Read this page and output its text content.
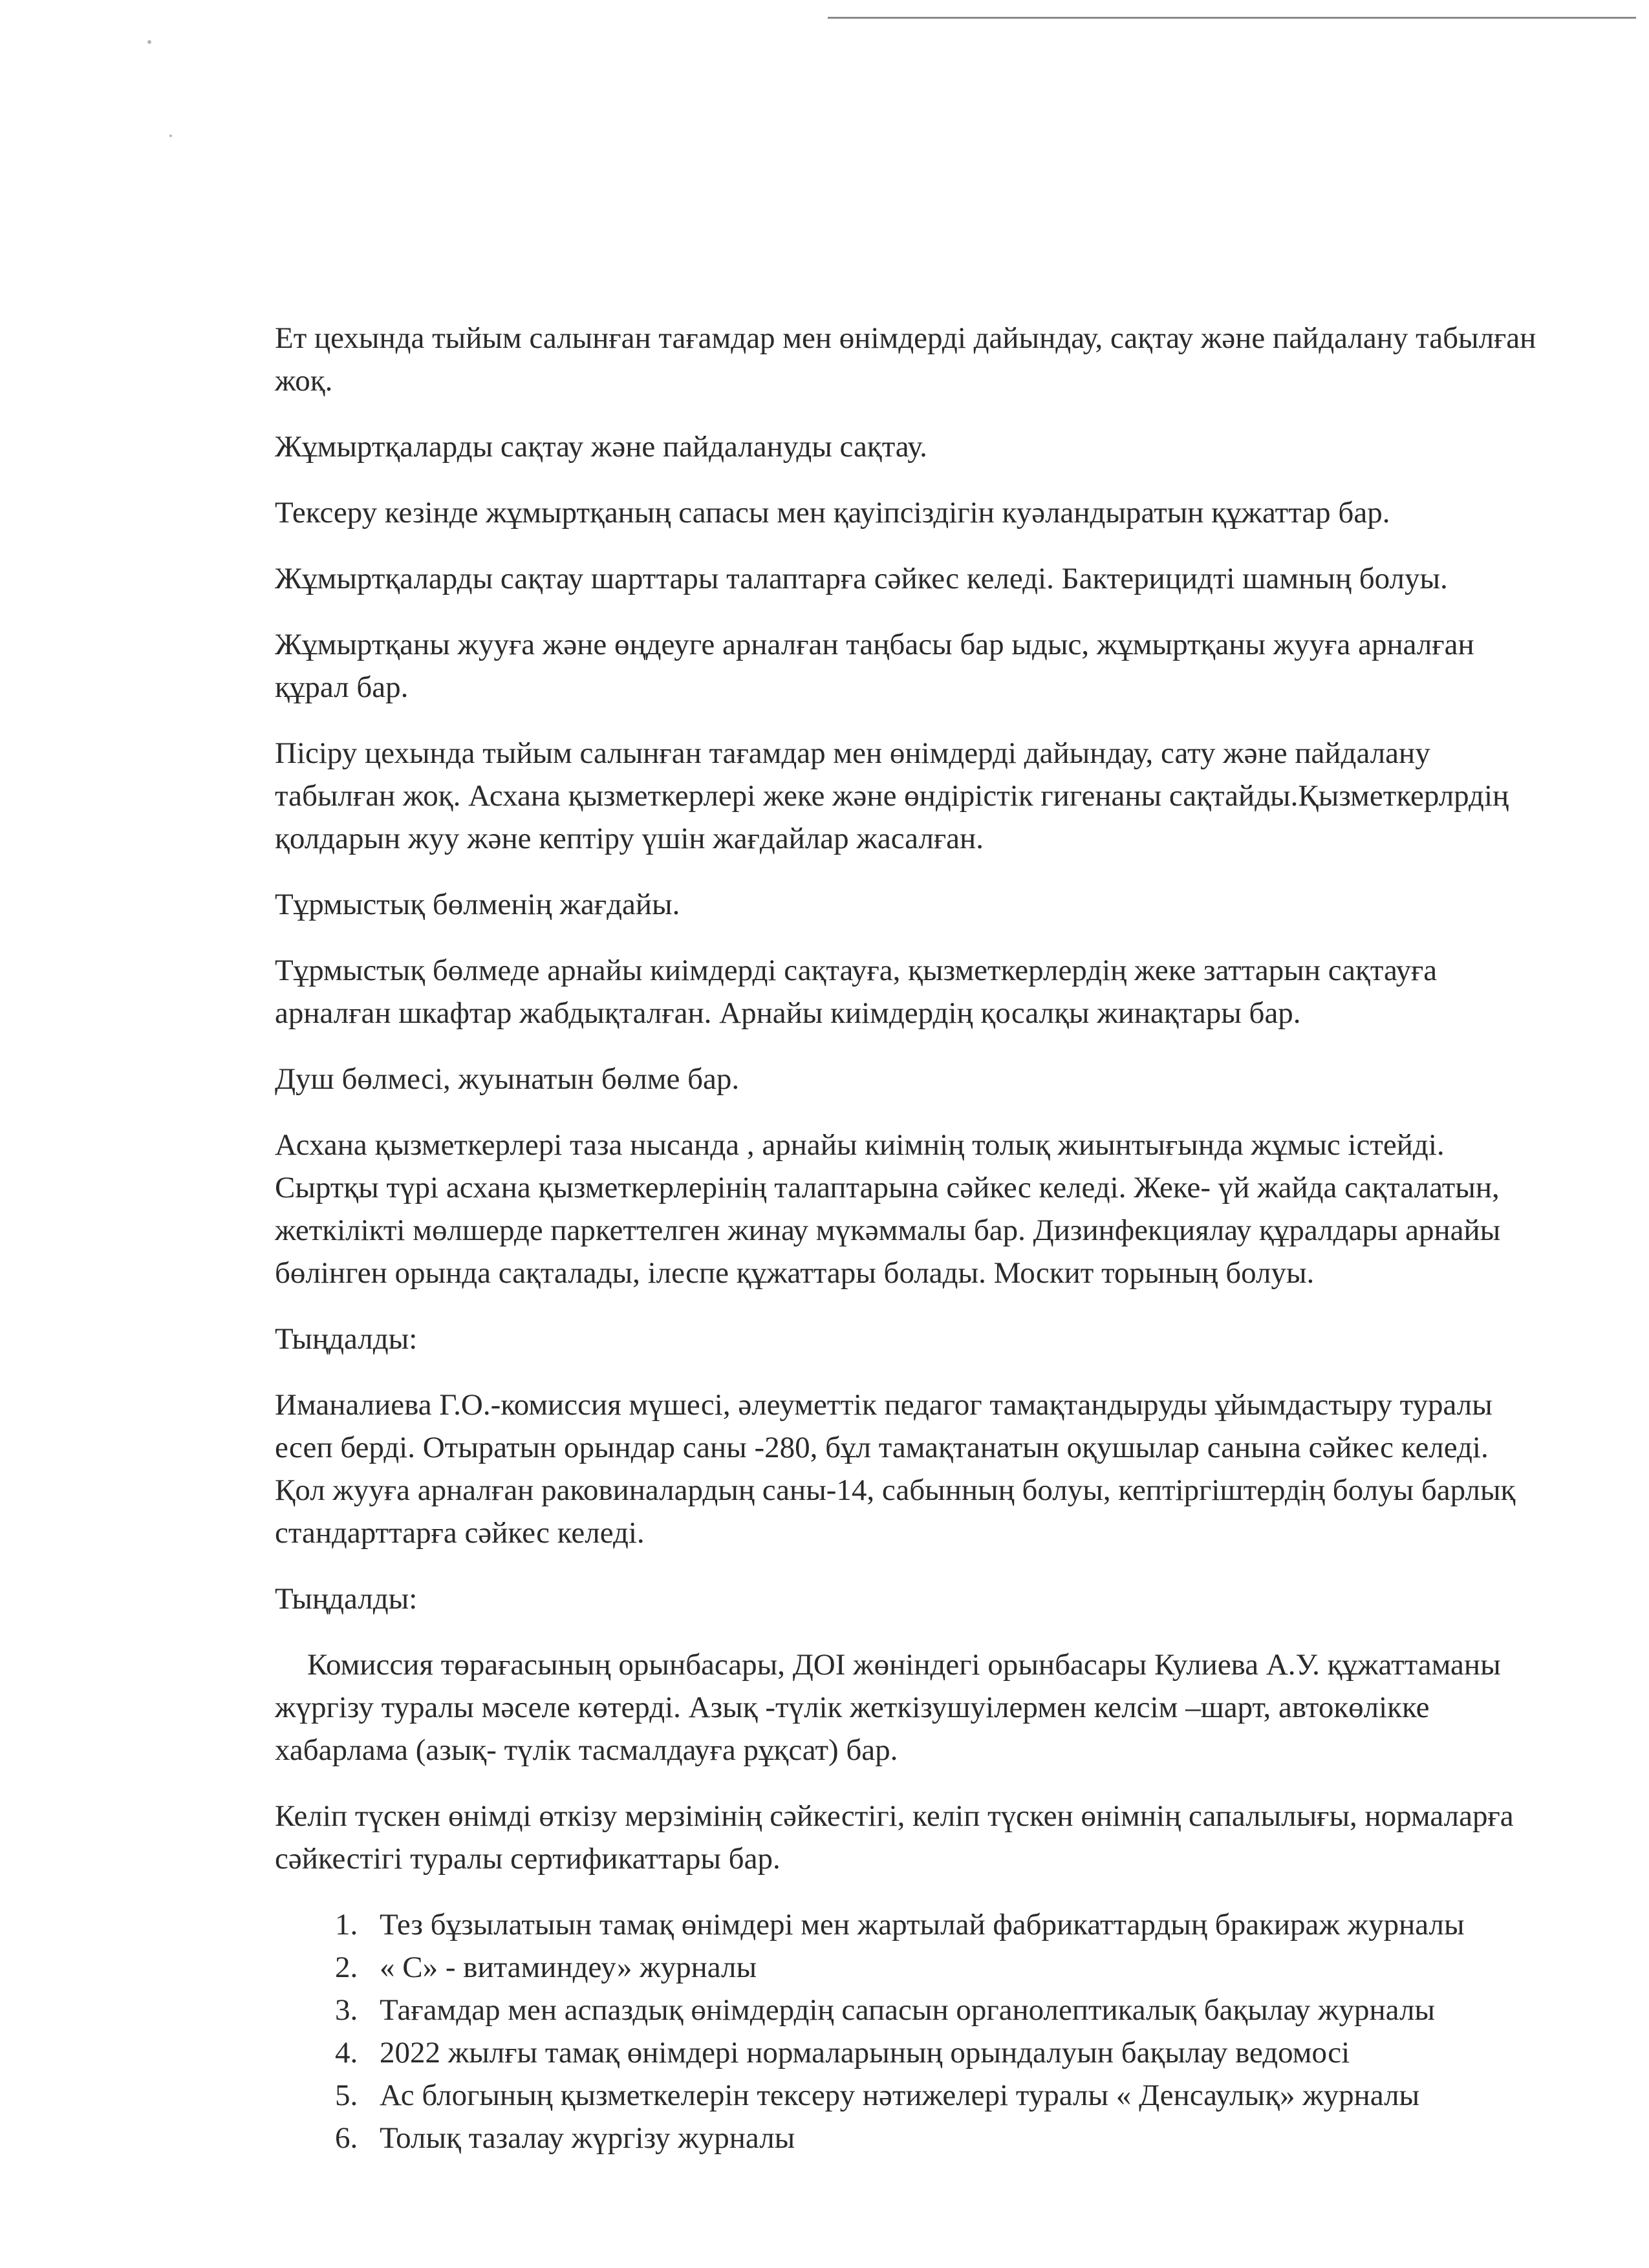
Ет цехында тыйым салынған тағамдар мен өнімдерді дайындау, сақтау және пайдалану табылған жоқ.

Жұмыртқаларды сақтау және пайдалануды сақтау.

Тексеру кезінде жұмыртқаның сапасы мен қауіпсіздігін куәландыратын құжаттар бар.

Жұмыртқаларды сақтау шарттары талаптарға сәйкес келеді. Бактерицидті шамның болуы.

Жұмыртқаны жууға және өңдеуге арналған таңбасы бар ыдыс, жұмыртқаны жууға арналған құрал бар.

Пісіру цехында тыйым салынған тағамдар мен өнімдерді дайындау, сату және пайдалану табылған жоқ. Асхана қызметкерлері жеке және өндірістік гигенаны сақтайды.Қызметкерлрдің қолдарын жуу және кептіру үшін жағдайлар жасалған.

Тұрмыстық бөлменің жағдайы.

Тұрмыстық бөлмеде арнайы киімдерді сақтауға, қызметкерлердің жеке заттарын сақтауға арналған шкафтар жабдықталған. Арнайы киімдердің қосалқы жинақтары бар.

Душ бөлмесі, жуынатын бөлме бар.

Асхана қызметкерлері таза нысанда , арнайы киімнің толық жиынтығында жұмыс істейді. Сыртқы түрі асхана қызметкерлерінің талаптарына сәйкес келеді. Жеке- үй жайда сақталатын, жеткілікті мөлшерде паркеттелген жинау мүкәммалы бар. Дизинфекциялау құралдары арнайы бөлінген орында сақталады, ілеспе құжаттары болады. Москит торының болуы.

Тыңдалды:

Иманалиева Г.О.-комиссия мүшесі, әлеуметтік педагог тамақтандыруды ұйымдастыру туралы есеп берді. Отыратын орындар саны -280, бұл тамақтанатын оқушылар санына сәйкес келеді. Қол жууға арналған раковиналардың саны-14, сабынның болуы, кептіргіштердің болуы барлық стандарттарға сәйкес келеді.

Тыңдалды:

Комиссия төрағасының орынбасары, ДОІ жөніндегі орынбасары Кулиева А.У. құжаттаманы жүргізу туралы мәселе көтерді. Азық -түлік жеткізушуілермен келсім –шарт, автокөлікке хабарлама (азық- түлік тасмалдауға рұқсат) бар.

Келіп түскен өнімді өткізу мерзімінің сәйкестігі, келіп түскен өнімнің сапалылығы, нормаларға сәйкестігі туралы сертификаттары бар.

1. Тез бұзылатыын тамақ өнімдері мен жартылай фабрикаттардың бракираж журналы
2. « С» - витаминдеу» журналы
3. Тағамдар мен аспаздық өнімдердің сапасын органолептикалық бақылау журналы
4. 2022 жылғы тамақ өнімдері нормаларының орындалуын бақылау ведомосі
5. Ас блогының қызметкелерін тексеру нәтижелері туралы « Денсаулық» журналы
6. Толық тазалау жүргізу журналы
